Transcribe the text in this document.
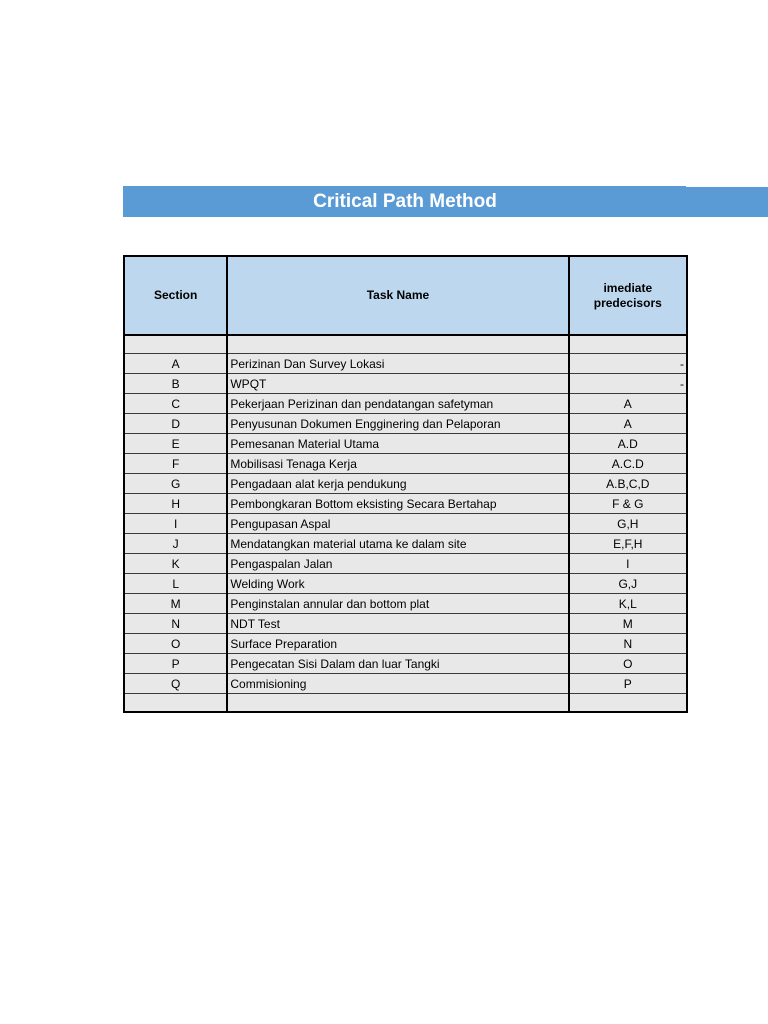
Critical Path Method
Section	Task Name	imediate predecisors

A	Perizinan Dan Survey Lokasi	-
B	WPQT	-
C	Pekerjaan Perizinan dan pendatangan safetyman	A
D	Penyusunan Dokumen Engginering dan Pelaporan	A
E	Pemesanan Material Utama	A.D
F	Mobilisasi Tenaga Kerja	A.C.D
G	Pengadaan alat kerja pendukung	A.B,C,D
H	Pembongkaran Bottom eksisting Secara Bertahap	F & G
I	Pengupasan Aspal	G,H
J	Mendatangkan material utama ke dalam site	E,F,H
K	Pengaspalan Jalan	I
L	Welding Work	G,J
M	Penginstalan annular dan bottom plat	K,L
N	NDT Test	M
O	Surface Preparation	N
P	Pengecatan Sisi Dalam dan luar Tangki	O
Q	Commisioning	P
